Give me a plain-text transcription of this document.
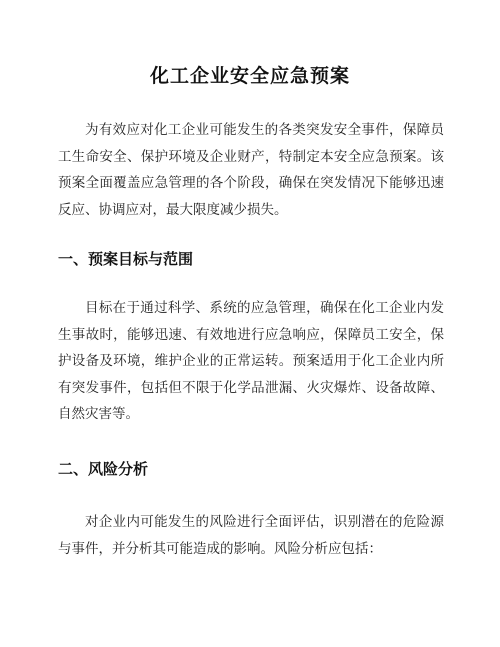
化工企业安全应急预案

为有效应对化工企业可能发生的各类突发安全事件，保障员工生命安全、保护环境及企业财产，特制定本安全应急预案。该预案全面覆盖应急管理的各个阶段，确保在突发情况下能够迅速反应、协调应对，最大限度减少损失。

一、预案目标与范围

目标在于通过科学、系统的应急管理，确保在化工企业内发生事故时，能够迅速、有效地进行应急响应，保障员工安全，保护设备及环境，维护企业的正常运转。预案适用于化工企业内所有突发事件，包括但不限于化学品泄漏、火灾爆炸、设备故障、自然灾害等。

二、风险分析

对企业内可能发生的风险进行全面评估，识别潜在的危险源与事件，并分析其可能造成的影响。风险分析应包括：
